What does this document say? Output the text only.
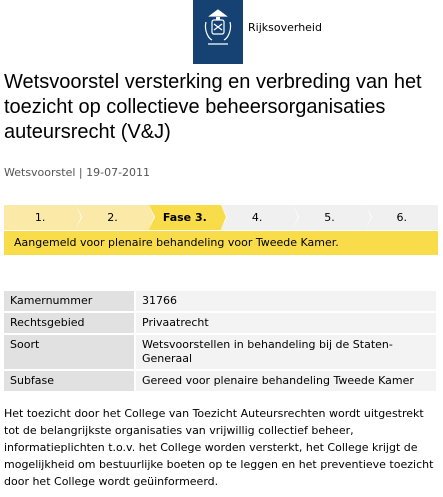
Rijksoverheid
Wetsvoorstel versterking en verbreding van het toezicht op collectieve beheersorganisaties auteursrecht (V&J)
Wetsvoorstel | 19-07-2011
1.	2.	Fase 3.	4.	5.	6.
Aangemeld voor plenaire behandeling voor Tweede Kamer.
Kamernummer	31766
Rechtsgebied	Privaatrecht
Soort	Wetsvoorstellen in behandeling bij de Staten-Generaal
Subfase	Gereed voor plenaire behandeling Tweede Kamer

Het toezicht door het College van Toezicht Auteursrechten wordt uitgestrekt tot de belangrijkste organisaties van vrijwillig collectief beheer, informatieplichten t.o.v. het College worden versterkt, het College krijgt de mogelijkheid om bestuurlijke boeten op te leggen en het preventieve toezicht door het College wordt geüinformeerd.
